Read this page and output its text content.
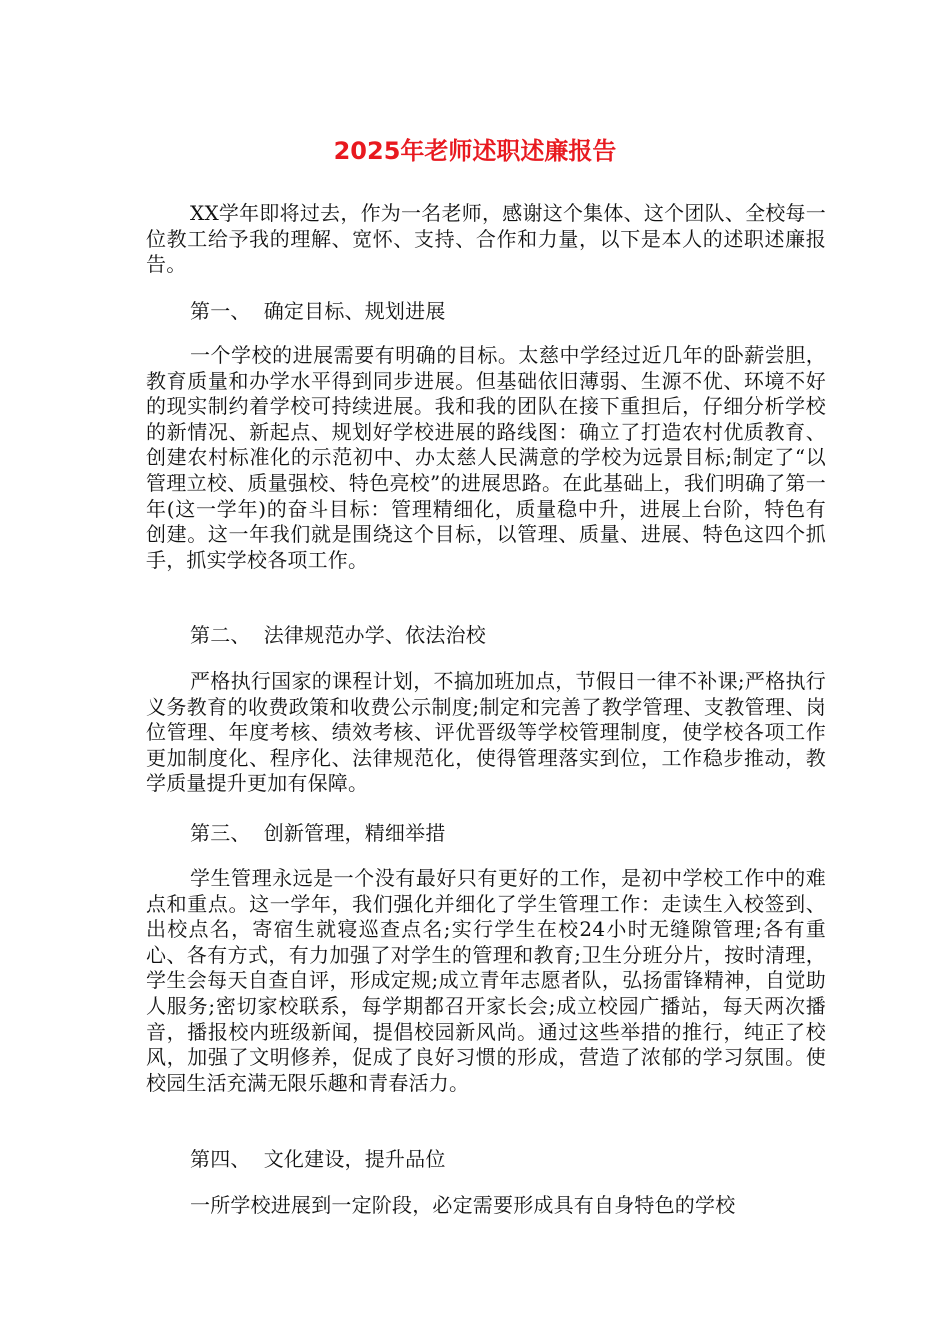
2025年老师述职述廉报告

XX学年即将过去，作为一名老师，感谢这个集体、这个团队、全校每一位教工给予我的理解、宽怀、支持、合作和力量，以下是本人的述职述廉报告。

第一、  确定目标、规划进展

一个学校的进展需要有明确的目标。太慈中学经过近几年的卧薪尝胆，教育质量和办学水平得到同步进展。但基础依旧薄弱、生源不优、环境不好的现实制约着学校可持续进展。我和我的团队在接下重担后，仔细分析学校的新情况、新起点、规划好学校进展的路线图：确立了打造农村优质教育、创建农村标准化的示范初中、办太慈人民满意的学校为远景目标;制定了“以管理立校、质量强校、特色亮校”的进展思路。在此基础上，我们明确了第一年(这一学年)的奋斗目标：管理精细化，质量稳中升，进展上台阶，特色有创建。这一年我们就是围绕这个目标，以管理、质量、进展、特色这四个抓手，抓实学校各项工作。

第二、  法律规范办学、依法治校

严格执行国家的课程计划，不搞加班加点，节假日一律不补课;严格执行义务教育的收费政策和收费公示制度;制定和完善了教学管理、支教管理、岗位管理、年度考核、绩效考核、评优晋级等学校管理制度，使学校各项工作更加制度化、程序化、法律规范化，使得管理落实到位，工作稳步推动，教学质量提升更加有保障。

第三、  创新管理，精细举措

学生管理永远是一个没有最好只有更好的工作，是初中学校工作中的难点和重点。这一学年，我们强化并细化了学生管理工作：走读生入校签到、出校点名，寄宿生就寝巡查点名;实行学生在校24小时无缝隙管理;各有重心、各有方式，有力加强了对学生的管理和教育;卫生分班分片，按时清理，学生会每天自查自评，形成定规;成立青年志愿者队，弘扬雷锋精神，自觉助人服务;密切家校联系，每学期都召开家长会;成立校园广播站，每天两次播音，播报校内班级新闻，提倡校园新风尚。通过这些举措的推行，纯正了校风，加强了文明修养，促成了良好习惯的形成，营造了浓郁的学习氛围。使校园生活充满无限乐趣和青春活力。

第四、  文化建设，提升品位

一所学校进展到一定阶段，必定需要形成具有自身特色的学校
